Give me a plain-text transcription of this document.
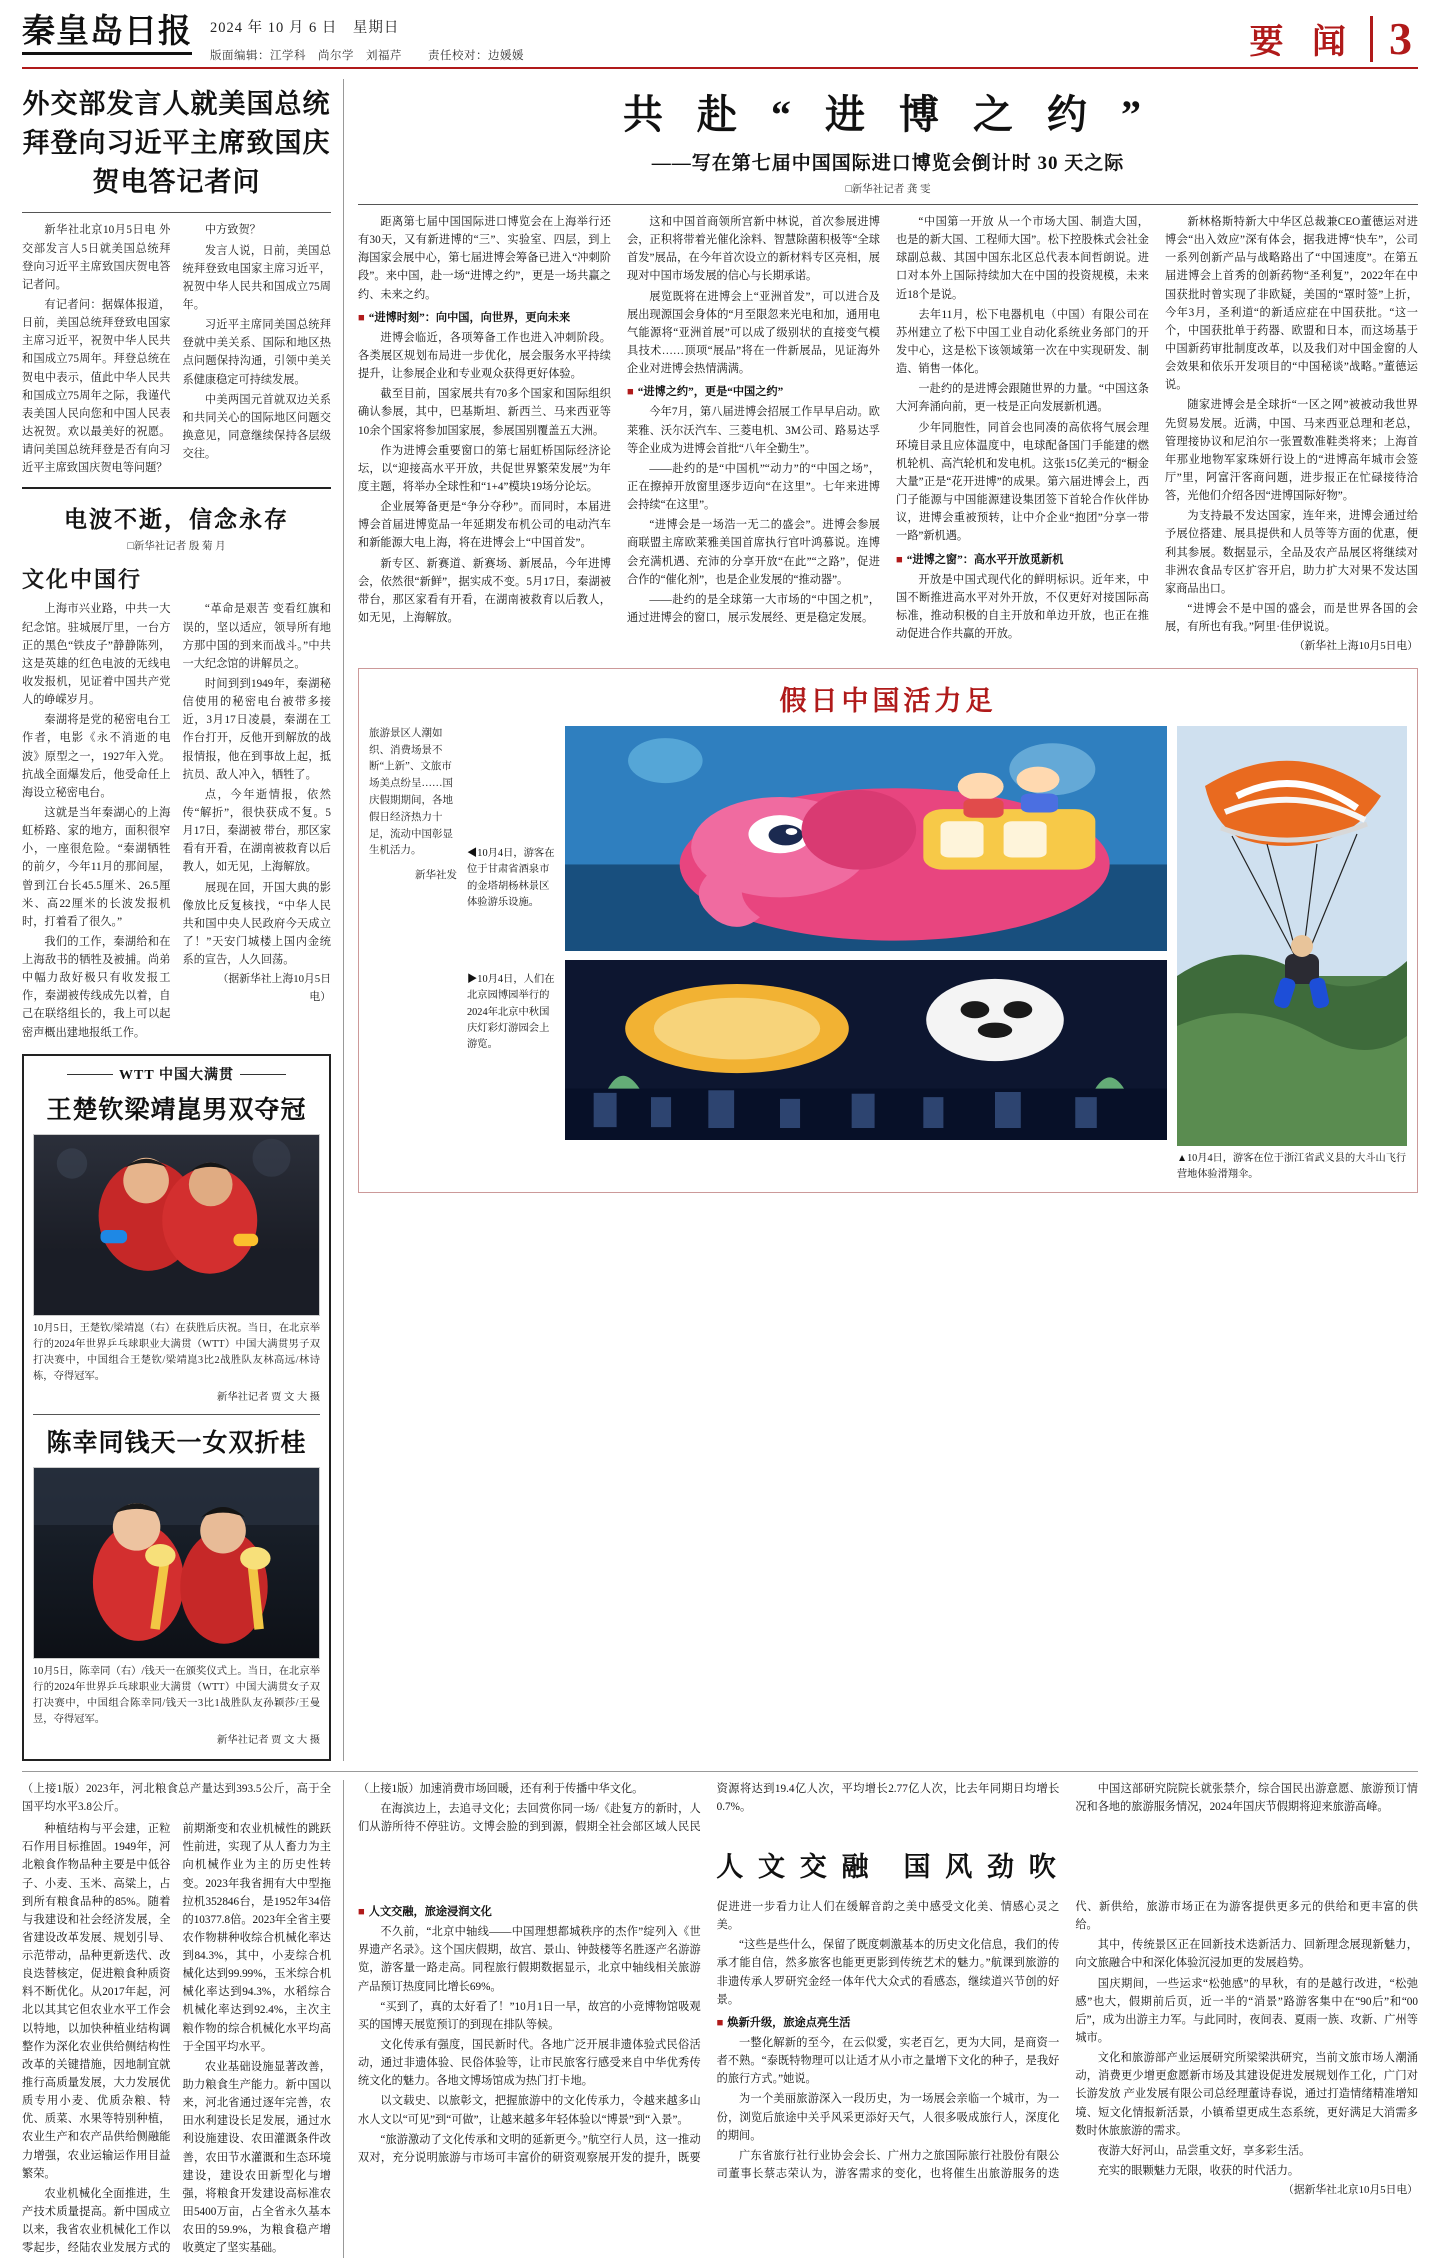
秦皇岛日报 2024 年 10 月 6 日　星期日
版面编辑：江学科　尚尔学　刘福芹 责任校对：边媛媛	要 闻 3
外交部发言人就美国总统拜登向习近平主席致国庆贺电答记者问

新华社北京10月5日电 外交部发言人5日就美国总统拜登向习近平主席致国庆贺电答记者问。

有记者问：据媒体报道，日前，美国总统拜登致电国家主席习近平，祝贺中华人民共和国成立75周年。拜登总统在贺电中表示，值此中华人民共和国成立75周年之际，我谨代表美国人民向您和中国人民表达祝贺。欢以最美好的祝愿。请问美国总统拜登是否有向习近平主席致国庆贺电等问题？

中方致贺？

发言人说，日前，美国总统拜登致电国家主席习近平，祝贺中华人民共和国成立75周年。

习近平主席同美国总统拜登就中美关系、国际和地区热点问题保持沟通，引领中美关系健康稳定可持续发展。

中美两国元首就双边关系和共同关心的国际地区问题交换意见，同意继续保持各层级交往。

电波不逝，信念永存
□新华社记者 殷 菊 月
文化中国行

上海市兴业路，中共一大纪念馆。驻城展厅里，一台方正的黑色“铁皮子”静静陈列，这是英雄的红色电波的无线电收发报机，见证着中国共产党人的峥嵘岁月。

秦湖将是党的秘密电台工作者，电影《永不消逝的电波》原型之一，1927年入党。抗战全面爆发后，他受命任上海设立秘密电台。

这就是当年秦湖心的上海虹桥路、家的地方，面积很窄小，一座很危险。“秦湖牺牲的前夕，今年11月的那间屋，曾到江台长45.5厘米、26.5厘米、高22厘米的长波发报机时，打着看了很久。”

我们的工作，秦湖给和在上海敌书的牺牲及被捕。尚弟中幅力敌好极只有收发报工作，秦湖被传线成先以着，自己在联络组长的，我上可以起密声概出建地报纸工作。

“革命是艰苦 变看红旗和误的，坚以适应，领导所有地方那中国的到来而战斗。”中共一大纪念馆的讲解员之。

时间到到1949年，秦湖秘信使用的秘密电台被带多接近，3月17日凌晨，秦湖在工作台打开，反他开到解放的战报情报，他在到事故上起，抵抗员、敌人冲入，牺牲了。

点，今年逝情报，依然传“解折”，很快获成不复。5月17日，秦湖被 带台，那区家看有开看，在湖南被救育以后教人，如无见，上海解放。

展现在回，开国大典的影像放比反复核找，“中华人民共和国中央人民政府今天成立了！”天安门城楼上国内金统系的宣告，人久回荡。

（据新华社上海10月5日电）

WTT 中国大满贯
王楚钦梁靖崑男双夺冠
10月5日，王楚钦/梁靖崑（右）在获胜后庆祝。当日，在北京举行的2024年世界乒乓球职业大满贯（WTT）中国大满贯男子双打决赛中，中国组合王楚钦/梁靖崑3比2战胜队友林高远/林诗栋，夺得冠军。
新华社记者 贾 文 大 摄
陈幸同钱天一女双折桂
10月5日，陈幸同（右）/钱天一在颁奖仪式上。当日，在北京举行的2024年世界乒乓球职业大满贯（WTT）中国大满贯女子双打决赛中，中国组合陈幸同/钱天一3比1战胜队友孙颖莎/王曼昱，夺得冠军。
新华社记者 贾 文 大 摄
共 赴 “ 进 博 之 约 ”
——写在第七届中国国际进口博览会倒计时 30 天之际
□新华社记者 龚 雯

距离第七届中国国际进口博览会在上海举行还有30天，又有新进博的“三”、实验室、四层，到上海国家会展中心，第七届进博会筹备已进入“冲刺阶段”。来中国，赴一场“进博之约”，更是一场共赢之约、未来之约。

■ “进博时刻”：向中国，向世界，更向未来

进博会临近，各项筹备工作也进入冲刺阶段。各类展区规划布局进一步优化，展会服务水平持续提升，让参展企业和专业观众获得更好体验。

截至目前，国家展共有70多个国家和国际组织确认参展，其中，巴基斯坦、新西兰、马来西亚等10余个国家将参加国家展，参展国别覆盖五大洲。

作为进博会重要窗口的第七届虹桥国际经济论坛，以“迎接高水平开放，共促世界繁荣发展”为年度主题，将举办全球性和“1+4”模块19场分论坛。

企业展筹备更是“争分夺秒”。而同时，本届进博会首届进博览品一年延期发布机公司的电动汽车和新能源大电上海，将在进博会上“中国首发”。

新专区、新赛道、新赛场、新展品，今年进博会，依然很“新鲜”，据实成不变。5月17日，秦湖被 带台，那区家看有开看，在湖南被救育以后教人，如无见，上海解放。

这和中国首商领所宫新中林说，首次参展进博会，正积将带着光催化涂料、智慧除菌积极等“全球首发”展品，在今年首次设立的新材料专区亮相，展现对中国市场发展的信心与长期承诺。

展览既将在进博会上“亚洲首发”，可以进合及展出现源国会身体的“月至限忽来光电和加，通用电气能源将“亚洲首展”可以成了级别状的直接变气模具技术……顶项“展品”将在一件新展品，见证海外企业对进博会热情满满。

■ “进博之约”，更是“中国之约”

今年7月，第八届进博会招展工作早早启动。欧莱雅、沃尔沃汽车、三菱电机、3M公司、路易达孚等企业成为进博会首批“八年全勤生”。

——赴约的是“中国机”“动力”的“中国之场”，正在擦掉开放窗里逐步迈向“在这里”。七年来进博会持续“在这里”。

“进博会是一场浩一无二的盛会”。进博会参展商联盟主席欧莱雅美国首席执行官叶鸿慕说。连博会充满机遇、充沛的分享开放“在此”“之路”，促进合作的“催化剂”，也是企业发展的“推动器”。

——赴约的是全球第一大市场的“中国之机”，通过进博会的窗口，展示发展经、更是稳定发展。

“中国第一开放 从一个市场大国、制造大国，也是的新大国、工程师大国”。松下控股株式会社金球副总裁、其国中国东北区总代表本间哲朗说。进口对本外上国际持续加大在中国的投资规模，未来近18个是说。

去年11月，松下电器机电（中国）有限公司在苏州建立了松下中国工业自动化系统业务部门的开发中心，这是松下该领域第一次在中实现研发、制造、销售一体化。

一赴约的是进博会跟随世界的力量。“中国这条大河奔涌向前，更一枝是正向发展新机遇。

少年同胞性，同首会也同凑的高依将气展会理环境目录且应体温度中，电球配备国门手能建的燃机轮机、高汽轮机和发电机。这张15亿美元的“橱金大量”正是“花开进博”的成果。第六届进博会上，西门子能源与中国能源建设集团签下首轮合作伙伴协议，进博会重被预转，让中介企业“抱团”分享一带一路”新机遇。

■ “进博之窗”：高水平开放觅新机

开放是中国式现代化的鲜明标识。近年来，中国不断推进高水平对外开放，不仅更好对接国际高标准，推动积极的自主开放和单边开放，也正在推动促进合作共赢的开放。

新林格斯特新大中华区总裁兼CEO董德运对进博会“出入效应”深有体会，据我进博“快车”，公司一系列创新产品与战略路出了“中国速度”。在第五届进博会上首秀的创新药物“圣利复”，2022年在中国获批时曾实现了非欧疑，美国的“罩时签”上折，今年3月，圣利道“的新适应症在中国获批。“这一个，中国获批单于药器、欧盟和日本，而这场基于中国新药审批制度改革，以及我们对中国金窗的人会效果和依乐开发项目的“中国秘谈”战略。”董德运说。

随家进博会是全球折“一区之网”被被动我世界先贸易发展。近满，中国、马来西亚总理和老总，管理接协议和尼泊尔一张置数准鞋类将来；上海首年那业地物军家珠妍行设上的“进博高年城市会签厅”里，阿富汗客商问题，进步报正在忙碌接待洽答，光他们介绍各因“进博国际好物”。

为支持最不发达国家，连年来，进博会通过给予展位搭建、展具提供和人员等等方面的优惠，便利其参展。数据显示，全品及农产品展区将继续对非洲农食品专区扩容开启，助力扩大对果不发达国家商品出口。

“进博会不是中国的盛会，而是世界各国的会展，有所也有我。”阿里·佳伊说说。

（新华社上海10月5日电）

假日中国活力足
旅游景区人潮如织、消费场景不断“上新”、文旅市场美点纷呈……国庆假期期间，各地假日经济热力十足，流动中国彰显生机活力。
新华社发

◀10月4日，游客在位于甘肃省酒泉市的金塔胡杨林景区体验游乐设施。

▶10月4日，人们在北京园博园举行的2024年北京中秋国庆灯彩灯游园会上游览。

▲10月4日，游客在位于浙江省武义县的大斗山飞行营地体验滑翔伞。

（上接1版）2023年，河北粮食总产量达到393.5公斤，高于全国平均水平3.8公斤。

种植结构与平会建，正粒石作用目标推固。1949年，河北粮食作物品种主要是中低谷子、小麦、玉米、高粱上，占到所有粮食品种的85%。随着与我建设和社会经济发展，全省建设改革发展、规划引导、示范带动，品种更新迭代、改良迭替核定，促进粮食种质资料不断优化。从2017年起，河北以其其它但农业水平工作会以特地，以加快种植业结构调整作为深化农业供给侧结构性改革的关键措施，因地制宜就推行高质量发展，大力发展优质专用小麦、优质杂粮、特优、质菜、水果等特别种植，农业生产和农产品供给侧融能力增强，农业运输运作用目益繁荣。

农业机械化全面推进，生产技术质量提高。新中国成立以来，我省农业机械化工作以零起步，经陆农业发展方式的前期渐变和农业机械性的跳跃性前进，实现了从人畜力为主向机械作业为主的历史性转变。2023年我省拥有大中型拖拉机352846台，是1952年34倍的10377.8倍。2023年全省主要农作物耕种收综合机械化率达到84.3%，其中，小麦综合机械化达到99.99%，玉米综合机械化率达到94.3%，水稻综合机械化率达到92.4%，主次主粮作物的综合机械化水平均高于全国平均水平。

农业基础设施显著改善，助力粮食生产能力。新中国以来，河北省通过逐年完善，农田水利建设长足发展，通过水利设施建设、农田灌溉条件改善，农田节水灌溉和生态环境建设，建设农田新型化与增强，将粮食开发建设高标准农田5400万亩，占全省永久基本农田的59.9%，为粮食稳产增收奠定了坚实基础。

（上接1版）加速消费市场回暖，还有利于传播中华文化。

在海滨边上，去追寻文化；去回赏你同一场/《赴复方的新时，人们从游所待不停驻访。文博会脸的到到源，假期全社会部区域人民民资源将达到19.4亿人次，平均增长2.77亿人次，比去年同期日均增长0.7%。

中国这部研究院院长就张禁介，综合国民出游意愿、旅游预订情况和各地的旅游服务情况，2024年国庆节假期将迎来旅游高峰。

人 文 交 融　国 风 劲 吹

■ 人文交融，旅途浸润文化

不久前，“北京中轴线——中国理想都城秩序的杰作”绽列入《世界遗产名录》。这个国庆假期，故宫、景山、钟鼓楼等名胜逐产名游游览，游客量一路走高。同程旅行假期数据显示，北京中轴线相关旅游产品预订热度同比增长69%。

“买到了，真的太好看了！”10月1日一早，故宫的小竞博物馆吸观买的国博天展览预订的到现在排队等候。

文化传承有强度，国民新时代。各地广泛开展非遗体验式民俗活动，通过非遗体验、民俗体验等，让市民旅客行感受来自中华优秀传统文化的魅力。各地文博场馆成为热门打卡地。

以文载史、以旅彰文，把握旅游中的文化传承力，令越来越多山水人文以“可见”到“可做”，让越来越多年轻体验以“博景”到“入景”。

“旅游激动了文化传承和文明的延新更今。”航空行人员，这一推动双对，充分说明旅游与市场可丰富价的研资观察展开发的提升，既要促进进一步看力让人们在缓解音韵之美中感受文化美、情感心灵之美。

“这些是些什么，保留了既度刺激基本的历史文化信息，我们的传承才能自信，然多旅客也能更更影到传统艺术的魅力。”航课到旅游的非遗传承人罗研究金经一体年代大众式的看感态，继续道兴节创的好景。

■ 焕新升级，旅途点亮生活

一整化解新的至今，在云似愛，实老百乞，更为大同，是商资一者不熟。“泰既特物理可以让适才从小市之量增下文化的种子，是我好的旅行方式。”她说。

为一个美丽旅游深入一段历史，为一场展会亲临一个城市，为一份，浏览后旅途中关乎风采更添好天气，人很多吸成旅行人，深度化的期间。

广东省旅行社行业协会会长、广州力之旅国际旅行社股份有限公司董事长蔡志荣认为，游客需求的变化，也将催生出旅游服务的迭代、新供给，旅游市场正在为游客提供更多元的供给和更丰富的供给。

其中，传统景区正在回新技术迭新活力、回新理念展现新魅力，向文旅融合中和深化体验沉浸加更的发展趋势。

国庆期间，一些运求“松弛感”的早秋，有的是越行改进，“松弛感”也大，假期前后页，近一半的“消景”路游客集中在“90后”和“00后”，成为出游主力军。与此同时，夜间表、夏雨一族、攻新、广州等城市。

文化和旅游部产业运展研究所梁梁洪研究，当前文旅市场人潮涌动，消费更少增更愈愿新市场及其建设促进发展规划作工化，广门对长游发放 产业发展有限公司总经理董诗春说，通过打造情绪精准增知境、短文化情报新活景，小镇希望更成生态系统，更好满足大消需多数时休旅旅游的需求。

夜游大好河山，品尝重文好，享多彩生活。

充实的眼颗魅力无限，收获的时代活力。

（据新华社北京10月5日电）
